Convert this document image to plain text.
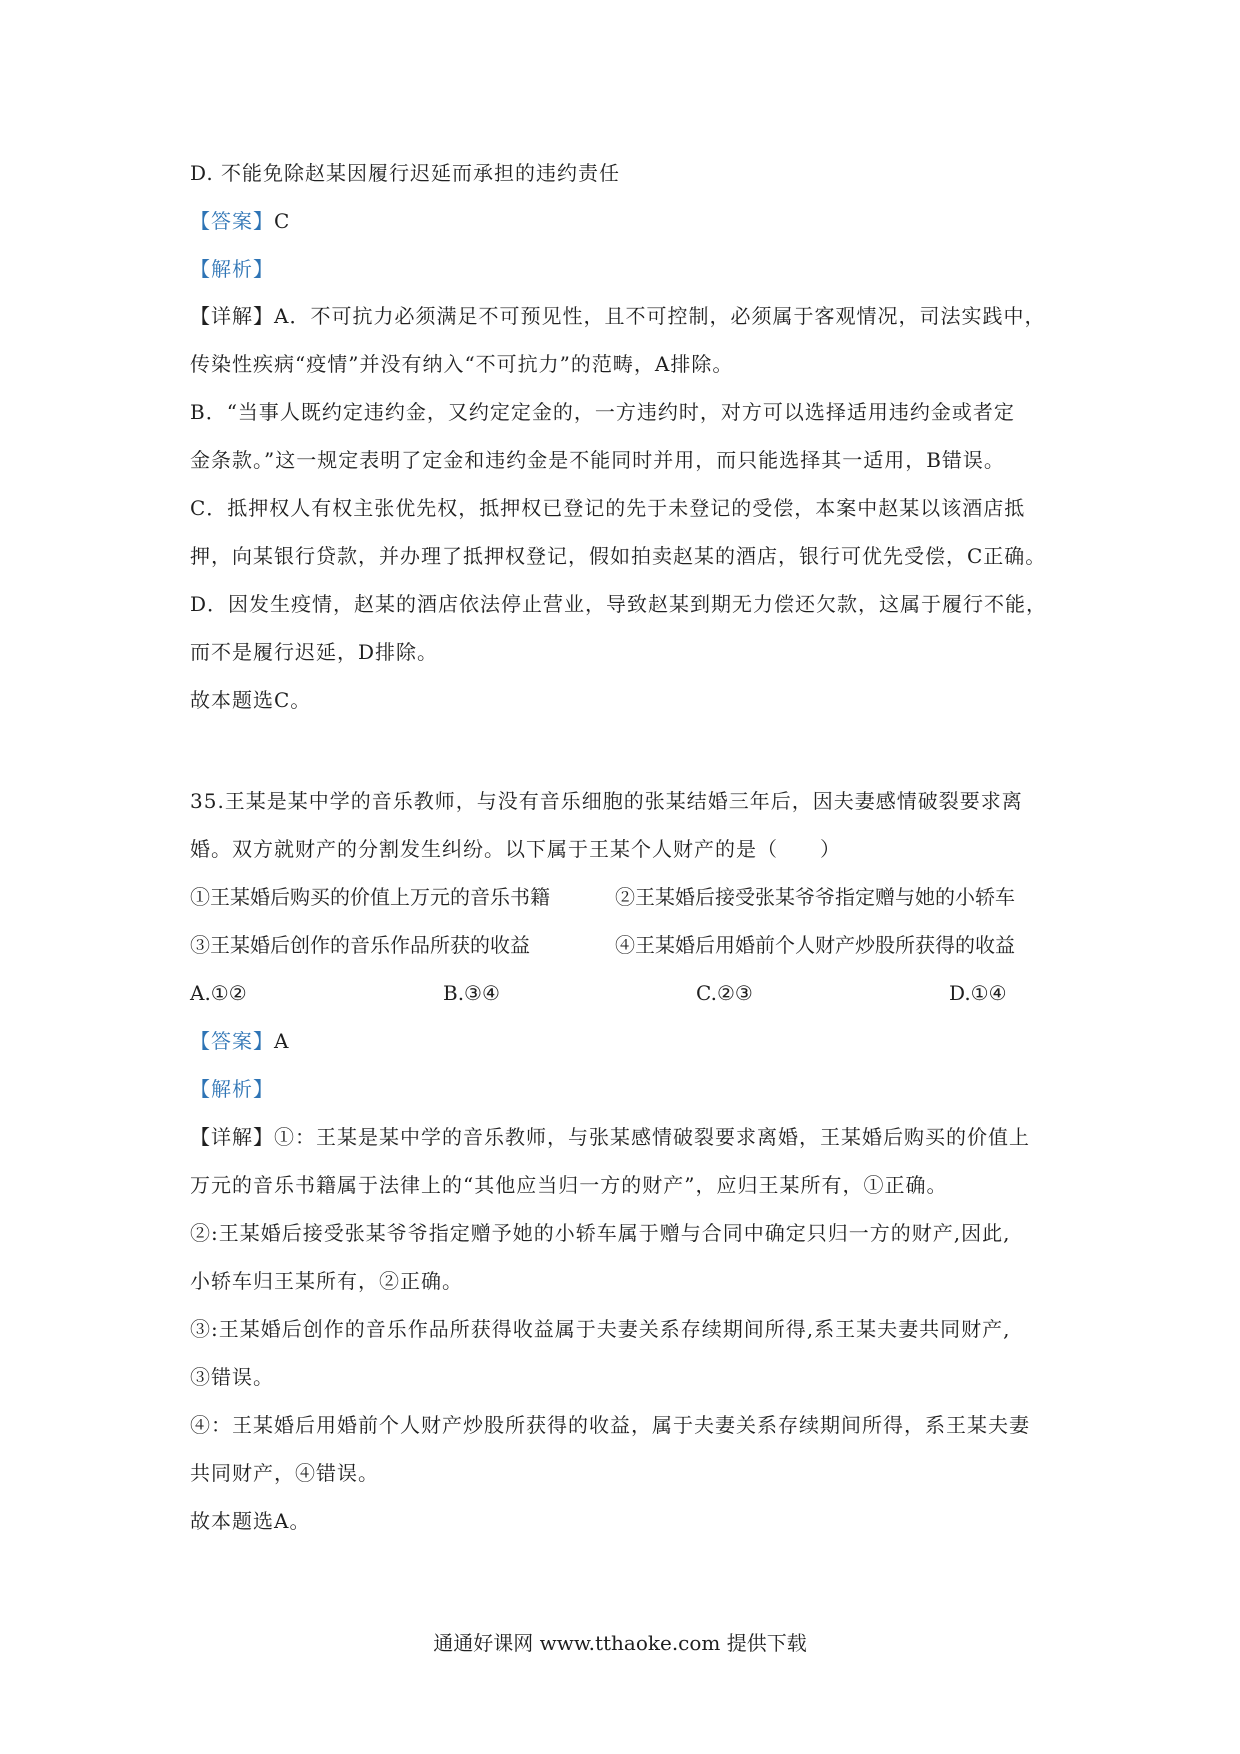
D. 不能免除赵某因履行迟延而承担的违约责任
【答案】C
【解析】
【详解】A．不可抗力必须满足不可预见性，且不可控制，必须属于客观情况，司法实践中，
传染性疾病“疫情”并没有纳入“不可抗力”的范畴，A排除。
B．“当事人既约定违约金，又约定定金的，一方违约时，对方可以选择适用违约金或者定
金条款。”这一规定表明了定金和违约金是不能同时并用，而只能选择其一适用，B错误。
C．抵押权人有权主张优先权，抵押权已登记的先于未登记的受偿，本案中赵某以该酒店抵
押，向某银行贷款，并办理了抵押权登记，假如拍卖赵某的酒店，银行可优先受偿，C正确。
D．因发生疫情，赵某的酒店依法停止营业，导致赵某到期无力偿还欠款，这属于履行不能，
而不是履行迟延，D排除。
故本题选C。
35.王某是某中学的音乐教师，与没有音乐细胞的张某结婚三年后，因夫妻感情破裂要求离
婚。双方就财产的分割发生纠纷。以下属于王某个人财产的是（　　）
①王某婚后购买的价值上万元的音乐书籍	②王某婚后接受张某爷爷指定赠与她的小轿车
③王某婚后创作的音乐作品所获的收益	④王某婚后用婚前个人财产炒股所获得的收益
A.①②	B.③④	C.②③	D.①④
【答案】A
【解析】
【详解】①：王某是某中学的音乐教师，与张某感情破裂要求离婚，王某婚后购买的价值上
万元的音乐书籍属于法律上的“其他应当归一方的财产”，应归王某所有，①正确。
②:王某婚后接受张某爷爷指定赠予她的小轿车属于赠与合同中确定只归一方的财产,因此,
小轿车归王某所有，②正确。
③:王某婚后创作的音乐作品所获得收益属于夫妻关系存续期间所得,系王某夫妻共同财产,
③错误。
④：王某婚后用婚前个人财产炒股所获得的收益，属于夫妻关系存续期间所得，系王某夫妻
共同财产，④错误。
故本题选A。
通通好课网 www.tthaoke.com 提供下载
